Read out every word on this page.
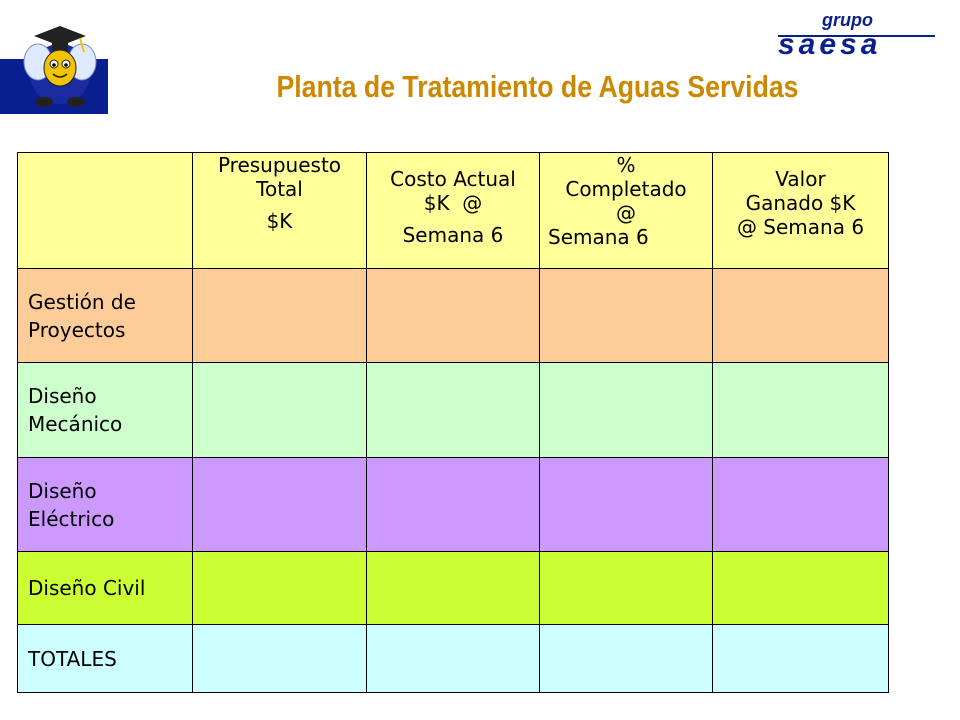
Planta de Tratamiento de Aguas Servidas
grupo
saesa

	Presupuesto
Total
$K	Costo Actual
$K  @
Semana 6	%
Completado
@
Semana 6	Valor
Ganado $K
@ Semana 6

Gestión de
Proyectos				

Diseño
Mecánico				

Diseño
Eléctrico				

Diseño Civil				

TOTALES				
